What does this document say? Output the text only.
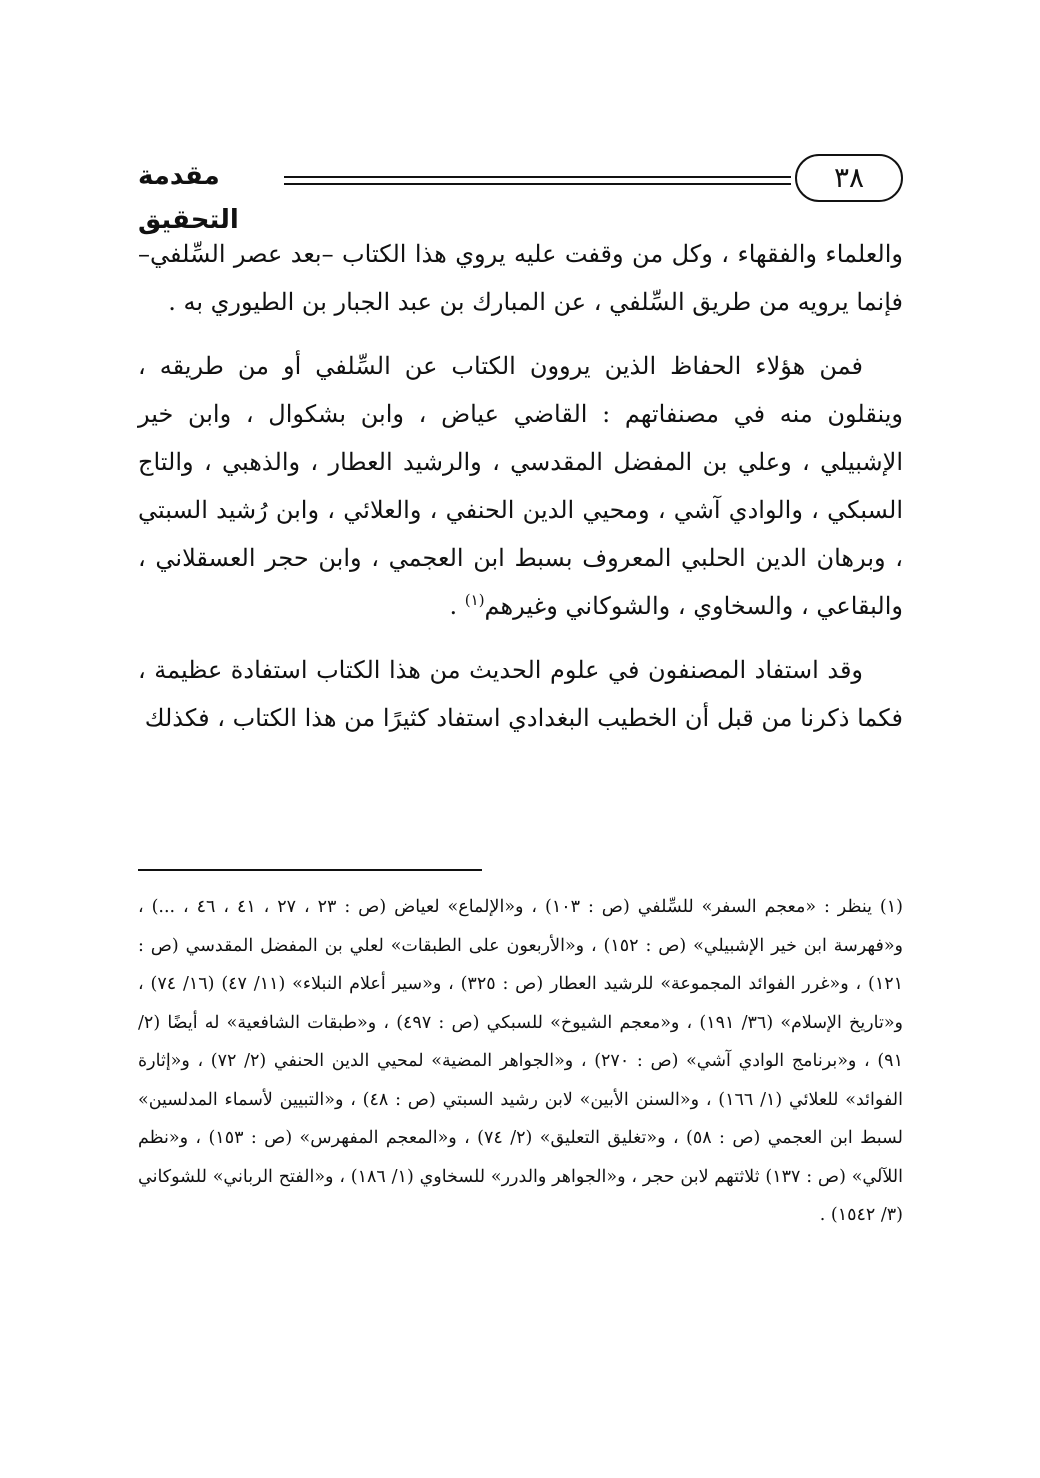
٣٨
مقدمة التحقيق

والعلماء والفقهاء ، وكل من وقفت عليه يروي هذا الكتاب –بعد عصر السِّلفي– فإنما يرويه من طريق السِّلفي ، عن المبارك بن عبد الجبار بن الطيوري به .

فمن هؤلاء الحفاظ الذين يروون الكتاب عن السِّلفي أو من طريقه ، وينقلون منه في مصنفاتهم : القاضي عياض ، وابن بشكوال ، وابن خير الإشبيلي ، وعلي بن المفضل المقدسي ، والرشيد العطار ، والذهبي ، والتاج السبكي ، والوادي آشي ، ومحيي الدين الحنفي ، والعلائي ، وابن رُشيد السبتي ، وبرهان الدين الحلبي المعروف بسبط ابن العجمي ، وابن حجر العسقلاني ، والبقاعي ، والسخاوي ، والشوكاني وغيرهم$^{(١)}$ .

وقد استفاد المصنفون في علوم الحديث من هذا الكتاب استفادة عظيمة ، فكما ذكرنا من قبل أن الخطيب البغدادي استفاد كثيرًا من هذا الكتاب ، فكذلك

(١) ينظر : «معجم السفر» للسِّلفي (ص : ١٠٣) ، و«الإلماع» لعياض (ص : ٢٣ ، ٢٧ ، ٤١ ، ٤٦ ، ...) ، و«فهرسة ابن خير الإشبيلي» (ص : ١٥٢) ، و«الأربعون على الطبقات» لعلي بن المفضل المقدسي (ص : ١٢١) ، و«غرر الفوائد المجموعة» للرشيد العطار (ص : ٣٢٥) ، و«سير أعلام النبلاء» (١١/ ٤٧) (١٦/ ٧٤) ، و«تاريخ الإسلام» (٣٦/ ١٩١) ، و«معجم الشيوخ» للسبكي (ص : ٤٩٧) ، و«طبقات الشافعية» له أيضًا (٢/ ٩١) ، و«برنامج الوادي آشي» (ص : ٢٧٠) ، و«الجواهر المضية» لمحيي الدين الحنفي (٢/ ٧٢) ، و«إثارة الفوائد» للعلائي (١/ ١٦٦) ، و«السنن الأبين» لابن رشيد السبتي (ص : ٤٨) ، و«التبيين لأسماء المدلسين» لسبط ابن العجمي (ص : ٥٨) ، و«تغليق التعليق» (٢/ ٧٤) ، و«المعجم المفهرس» (ص : ١٥٣) ، و«نظم اللآلي» (ص : ١٣٧) ثلاثتهم لابن حجر ، و«الجواهر والدرر» للسخاوي (١/ ١٨٦) ، و«الفتح الرباني» للشوكاني (٣/ ١٥٤٢) .
